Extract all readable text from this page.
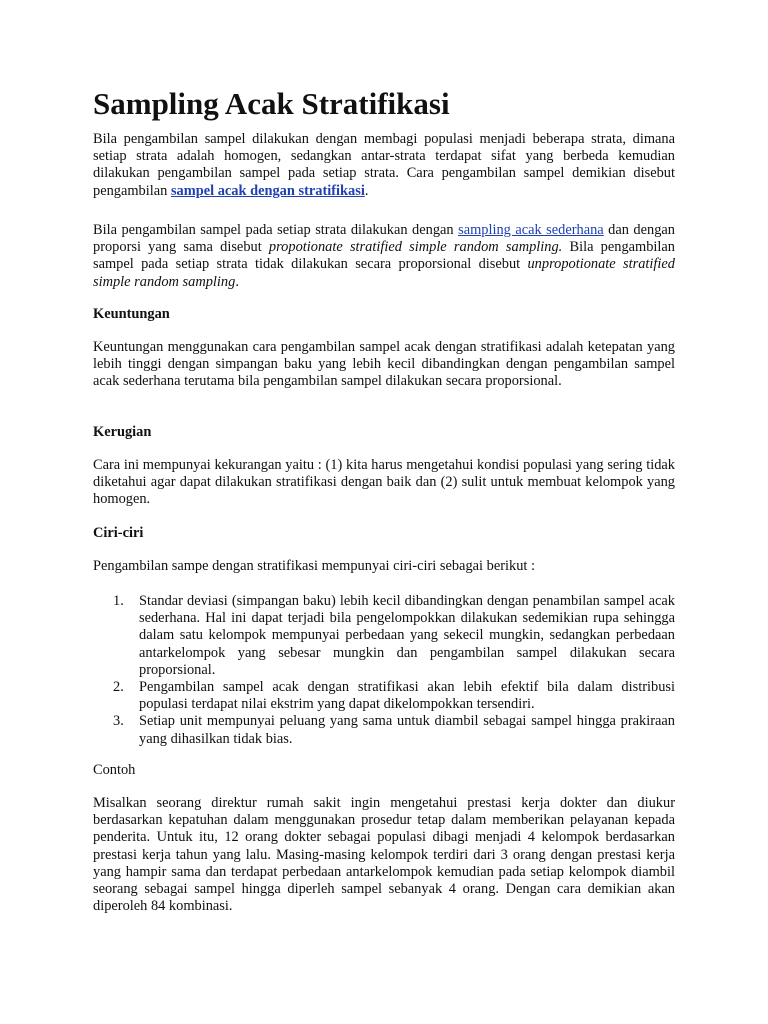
Sampling Acak Stratifikasi

Bila pengambilan sampel dilakukan dengan membagi populasi menjadi beberapa strata, dimana setiap strata adalah homogen, sedangkan antar-strata terdapat sifat yang berbeda kemudian dilakukan pengambilan sampel pada setiap strata. Cara pengambilan sampel demikian disebut pengambilan sampel acak dengan stratifikasi.

Bila pengambilan sampel pada setiap strata dilakukan dengan sampling acak sederhana dan dengan proporsi yang sama disebut propotionate stratified simple random sampling. Bila pengambilan sampel pada setiap strata tidak dilakukan secara proporsional disebut unpropotionate stratified simple random sampling.

Keuntungan

Keuntungan menggunakan cara pengambilan sampel acak dengan stratifikasi adalah ketepatan yang lebih tinggi dengan simpangan baku yang lebih kecil dibandingkan dengan pengambilan sampel acak sederhana terutama bila pengambilan sampel dilakukan secara proporsional.

Kerugian

Cara ini mempunyai kekurangan yaitu : (1) kita harus mengetahui kondisi populasi yang sering tidak diketahui agar dapat dilakukan stratifikasi dengan baik dan (2) sulit untuk membuat kelompok yang homogen.

Ciri-ciri

Pengambilan sampe dengan stratifikasi mempunyai ciri-ciri sebagai berikut :

1. Standar deviasi (simpangan baku) lebih kecil dibandingkan dengan penambilan sampel acak sederhana. Hal ini dapat terjadi bila pengelompokkan dilakukan sedemikian rupa sehingga dalam satu kelompok mempunyai perbedaan yang sekecil mungkin, sedangkan perbedaan antarkelompok yang sebesar mungkin dan pengambilan sampel dilakukan secara proporsional.
2. Pengambilan sampel acak dengan stratifikasi akan lebih efektif bila dalam distribusi populasi terdapat nilai ekstrim yang dapat dikelompokkan tersendiri.
3. Setiap unit mempunyai peluang yang sama untuk diambil sebagai sampel hingga prakiraan yang dihasilkan tidak bias.

Contoh

Misalkan seorang direktur rumah sakit ingin mengetahui prestasi kerja dokter dan diukur berdasarkan kepatuhan dalam menggunakan prosedur tetap dalam memberikan pelayanan kepada penderita. Untuk itu, 12 orang dokter sebagai populasi dibagi menjadi 4 kelompok berdasarkan prestasi kerja tahun yang lalu. Masing-masing kelompok terdiri dari 3 orang dengan prestasi kerja yang hampir sama dan terdapat perbedaan antarkelompok kemudian pada setiap kelompok diambil seorang sebagai sampel hingga diperleh sampel sebanyak 4 orang. Dengan cara demikian akan diperoleh 84 kombinasi.
